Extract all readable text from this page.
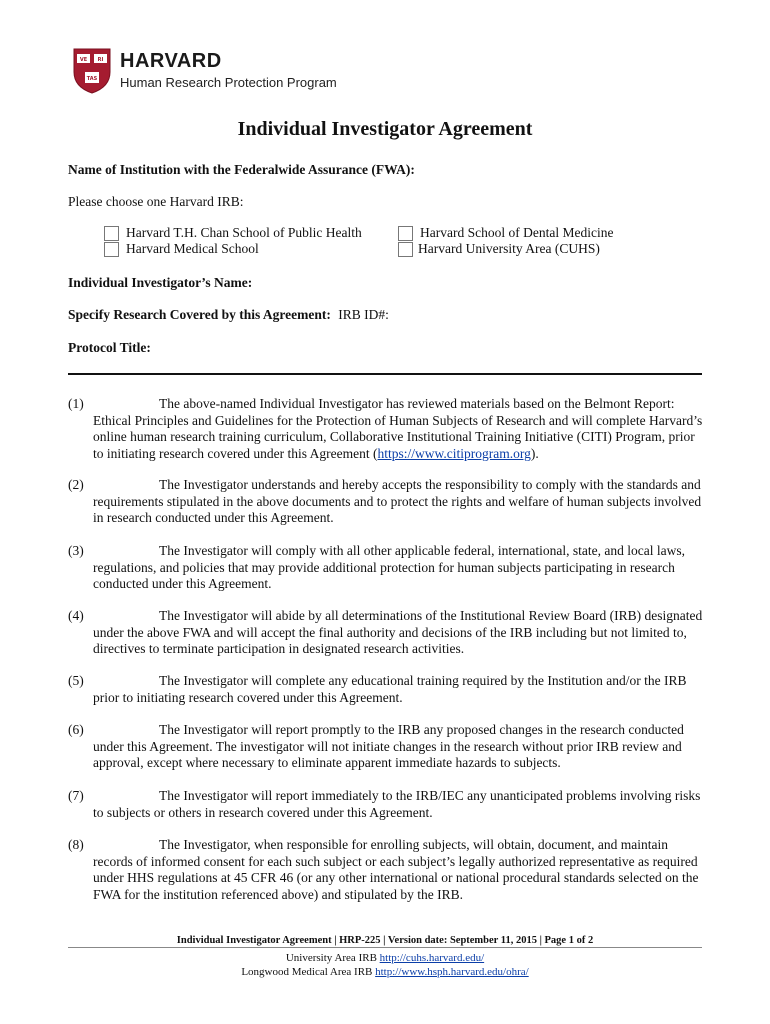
VE RI
TAS
HARVARD
Human Research Protection Program
Individual Investigator Agreement
Name of Institution with the Federalwide Assurance (FWA):
Please choose one Harvard IRB:
Harvard T.H. Chan School of Public Health
Harvard Medical School
Harvard School of Dental Medicine
Harvard University Area (CUHS)
Individual Investigator’s Name:
Specify Research Covered by this Agreement: IRB ID#:
Protocol Title:
(1)	The above-named Individual Investigator has reviewed materials based on the Belmont Report: Ethical Principles and Guidelines for the Protection of Human Subjects of Research and will complete Harvard’s online human research training curriculum, Collaborative Institutional Training Initiative (CITI) Program, prior to initiating research covered under this Agreement (https://www.citiprogram.org).
(2)	The Investigator understands and hereby accepts the responsibility to comply with the standards and requirements stipulated in the above documents and to protect the rights and welfare of human subjects involved in research conducted under this Agreement.
(3)	The Investigator will comply with all other applicable federal, international, state, and local laws, regulations, and policies that may provide additional protection for human subjects participating in research conducted under this Agreement.
(4)	The Investigator will abide by all determinations of the Institutional Review Board (IRB) designated under the above FWA and will accept the final authority and decisions of the IRB including but not limited to, directives to terminate participation in designated research activities.
(5)	The Investigator will complete any educational training required by the Institution and/or the IRB prior to initiating research covered under this Agreement.
(6)	The Investigator will report promptly to the IRB any proposed changes in the research conducted under this Agreement. The investigator will not initiate changes in the research without prior IRB review and approval, except where necessary to eliminate apparent immediate hazards to subjects.
(7)	The Investigator will report immediately to the IRB/IEC any unanticipated problems involving risks to subjects or others in research covered under this Agreement.
(8)	The Investigator, when responsible for enrolling subjects, will obtain, document, and maintain records of informed consent for each such subject or each subject’s legally authorized representative as required under HHS regulations at 45 CFR 46 (or any other international or national procedural standards selected on the FWA for the institution referenced above) and stipulated by the IRB.
Individual Investigator Agreement | HRP-225 | Version date: September 11, 2015 | Page 1 of 2
University Area IRB http://cuhs.harvard.edu/
Longwood Medical Area IRB http://www.hsph.harvard.edu/ohra/
